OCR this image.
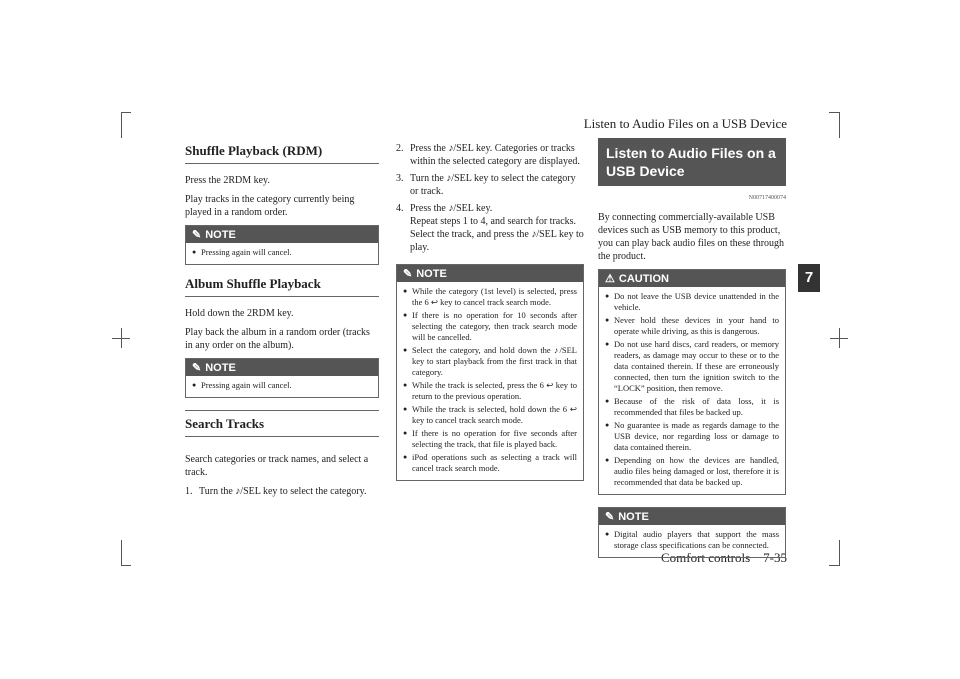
Listen to Audio Files on a USB Device
7
Comfort controls 7-35
Shuffle Playback (RDM)

Press the 2RDM key.

Play tracks in the category currently being played in a random order.

✎ NOTE
● Pressing again will cancel.
Album Shuffle Playback

Hold down the 2RDM key.

Play back the album in a random order (tracks in any order on the album).

✎ NOTE
● Pressing again will cancel.
Search Tracks

Search categories or track names, and select a track.

1. Turn the ♪/SEL key to select the category.
2. Press the ♪/SEL key. Categories or tracks within the selected category are displayed.
3. Turn the ♪/SEL key to select the category or track.
4. Press the ♪/SEL key.
Repeat steps 1 to 4, and search for tracks.
Select the track, and press the ♪/SEL key to play.
✎ NOTE
● While the category (1st level) is selected, press the 6 ↩ key to cancel track search mode.
● If there is no operation for 10 seconds after selecting the category, then track search mode will be cancelled.
● Select the category, and hold down the ♪/SEL key to start playback from the first track in that category.
● While the track is selected, press the 6 ↩ key to return to the previous operation.
● While the track is selected, hold down the 6 ↩ key to cancel track search mode.
● If there is no operation for five seconds after selecting the track, that file is played back.
● iPod operations such as selecting a track will cancel track search mode.
Listen to Audio Files on a USB Device
N00717400074

By connecting commercially-available USB devices such as USB memory to this product, you can play back audio files on these through the product.

⚠ CAUTION
● Do not leave the USB device unattended in the vehicle.
● Never hold these devices in your hand to operate while driving, as this is dangerous.
● Do not use hard discs, card readers, or memory readers, as damage may occur to these or to the data contained therein. If these are erroneously connected, then turn the ignition switch to the “LOCK” position, then remove.
● Because of the risk of data loss, it is recommended that files be backed up.
● No guarantee is made as regards damage to the USB device, nor regarding loss or damage to data contained therein.
● Depending on how the devices are handled, audio files being damaged or lost, therefore it is recommended that data be backed up.
✎ NOTE
● Digital audio players that support the mass storage class specifications can be connected.
